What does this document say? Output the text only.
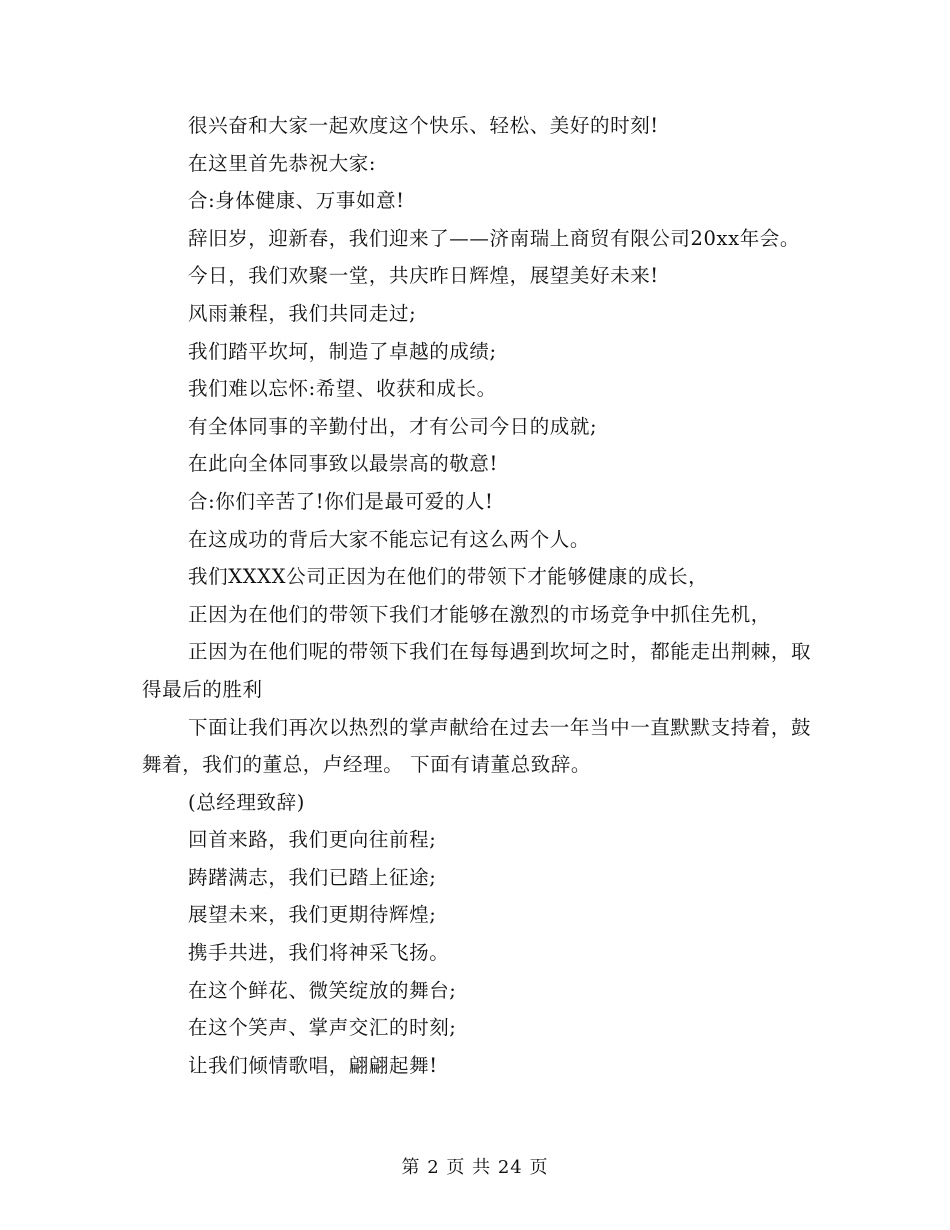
很兴奋和大家一起欢度这个快乐、轻松、美好的时刻!

在这里首先恭祝大家:

合:身体健康、万事如意!

辞旧岁，迎新春，我们迎来了——济南瑞上商贸有限公司20xx年会。

今日，我们欢聚一堂，共庆昨日辉煌，展望美好未来!

风雨兼程，我们共同走过;

我们踏平坎坷，制造了卓越的成绩;

我们难以忘怀:希望、收获和成长。

有全体同事的辛勤付出，才有公司今日的成就;

在此向全体同事致以最崇高的敬意!

合:你们辛苦了!你们是最可爱的人!

在这成功的背后大家不能忘记有这么两个人。

我们XXXX公司正因为在他们的带领下才能够健康的成长，

正因为在他们的带领下我们才能够在激烈的市场竞争中抓住先机，

正因为在他们呢的带领下我们在每每遇到坎坷之时，都能走出荆棘，取得最后的胜利

下面让我们再次以热烈的掌声献给在过去一年当中一直默默支持着，鼓舞着，我们的董总，卢经理。 下面有请董总致辞。

(总经理致辞)

回首来路，我们更向往前程;

踌躇满志，我们已踏上征途;

展望未来，我们更期待辉煌;

携手共进，我们将神采飞扬。

在这个鲜花、微笑绽放的舞台;

在这个笑声、掌声交汇的时刻;

让我们倾情歌唱，翩翩起舞!

第 2 页 共 24 页
